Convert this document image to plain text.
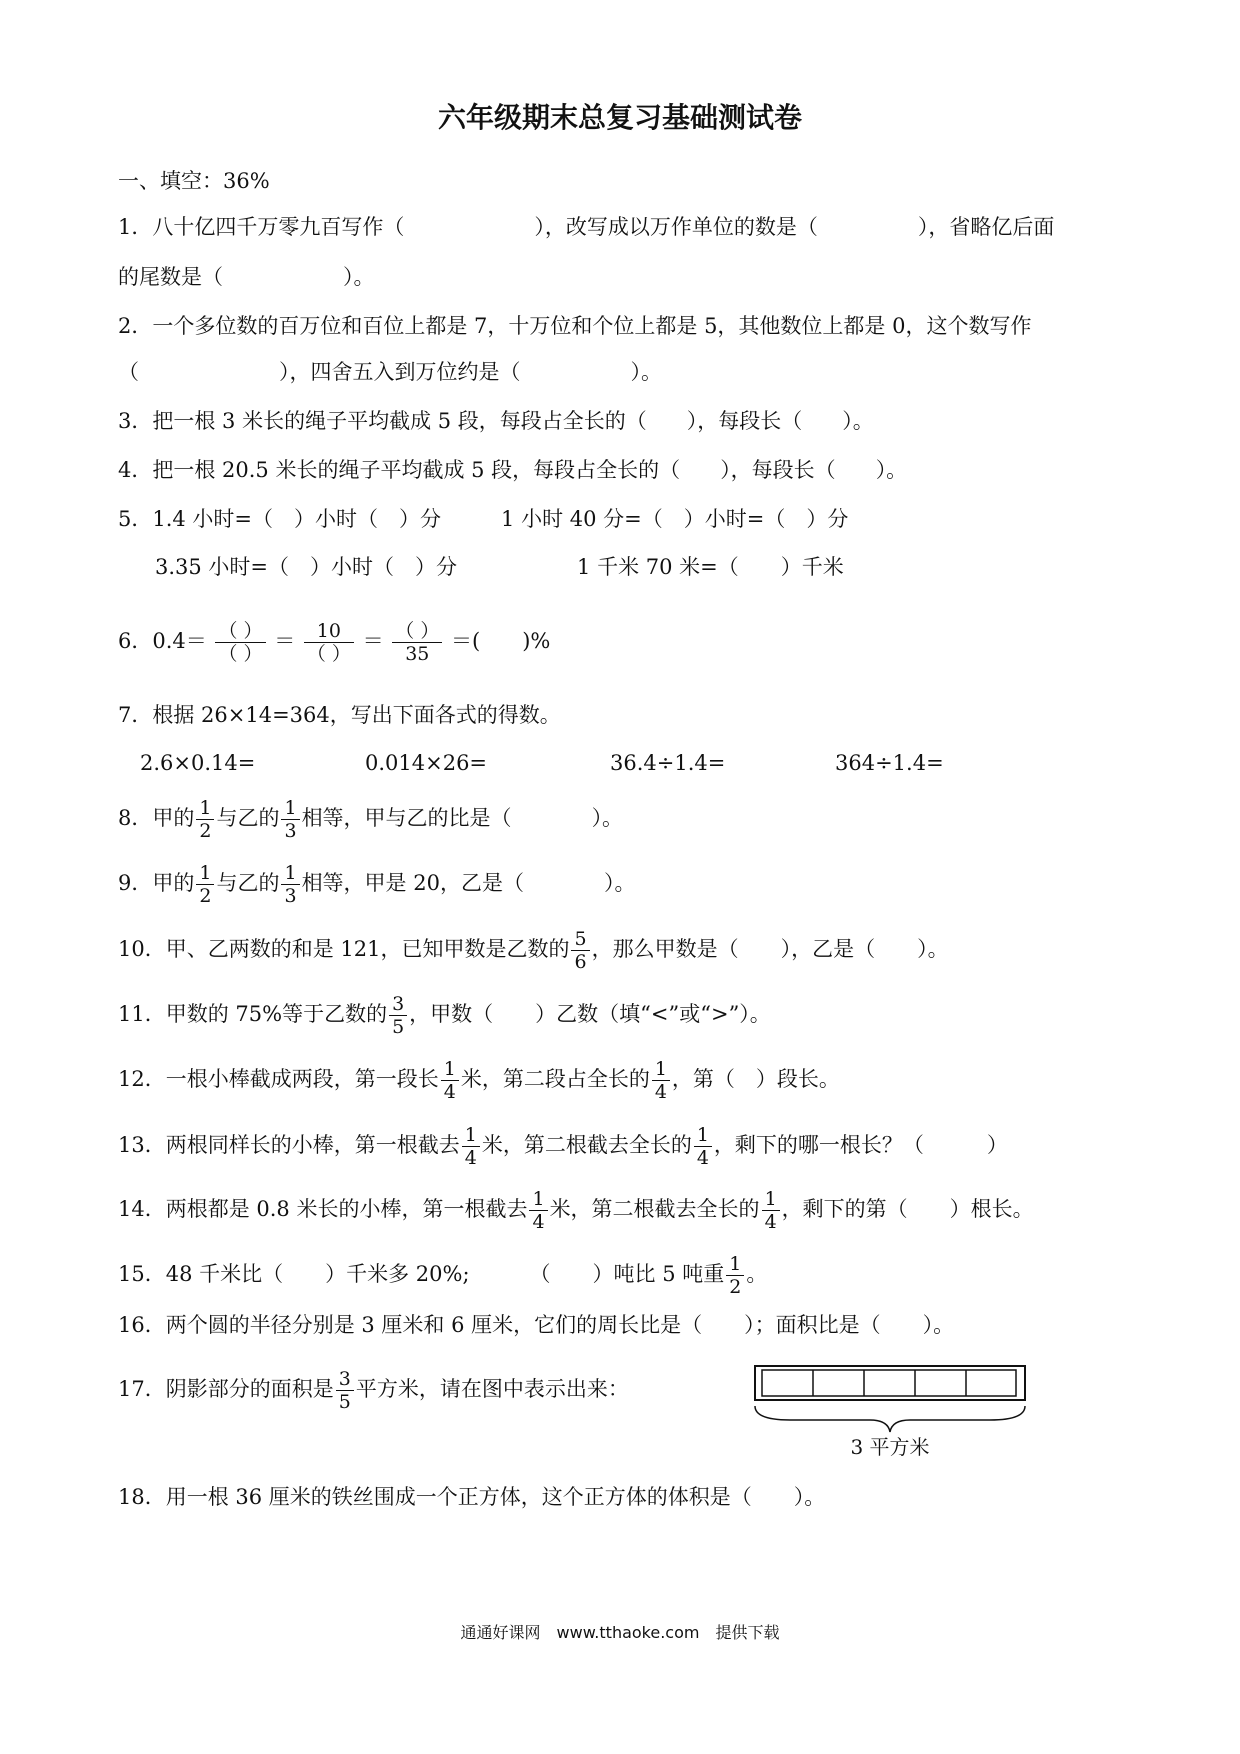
六年级期末总复习基础测试卷
一、填空：36%
1．八十亿四千万零九百写作（	），改写成以万作单位的数是（	），省略亿后面
的尾数是（	）。
2．一个多位数的百万位和百位上都是 7，十万位和个位上都是 5，其他数位上都是 0，这个数写作
（	），四舍五入到万位约是（	）。
3．把一根 3 米长的绳子平均截成 5 段，每段占全长的（ ），每段长（ ）。
4．把一根 20.5 米长的绳子平均截成 5 段，每段占全长的（ ），每段长（ ）。
5．1.4 小时=（　）小时（　）分	1 小时 40 分=（　）小时=（　）分
3.35 小时=（　）小时（　）分	1 千米 70 米=（　　）千米
6．$0.4= \frac{( )}{( )} = \frac{10}{( )} = \frac{( )}{35}$ ＝(　　)%
7．根据 26×14=364，写出下面各式的得数。
2.6×0.14=	0.014×26=	36.4÷1.4=	364÷1.4=
8．甲的 $\frac{1}{2}$ 与乙的 $\frac{1}{3}$ 相等，甲与乙的比是（	）。
9．甲的 $\frac{1}{2}$ 与乙的 $\frac{1}{3}$ 相等，甲是 20，乙是（	）。
10．甲、乙两数的和是 121，已知甲数是乙数的 $\frac{5}{6}$ ，那么甲数是（　　），乙是（　　）。
11．甲数的 75%等于乙数的 $\frac{3}{5}$ ，甲数（　　）乙数（填“<”或“>”）。
12．一根小棒截成两段，第一段长 $\frac{1}{4}$ 米，第二段占全长的 $\frac{1}{4}$ ，第（　）段长。
13．两根同样长的小棒，第一根截去 $\frac{1}{4}$ 米，第二根截去全长的 $\frac{1}{4}$ ，剩下的哪一根长？（　　　）
14．两根都是 0.8 米长的小棒，第一根截去 $\frac{1}{4}$ 米，第二根截去全长的 $\frac{1}{4}$ ，剩下的第（　　）根长。
15．48 千米比（　　）千米多 20%;	（　　）吨比 5 吨重 $\frac{1}{2}$ 。
16．两个圆的半径分别是 3 厘米和 6 厘米，它们的周长比是（　　）；面积比是（　　）。
17．阴影部分的面积是 $\frac{3}{5}$ 平方米，请在图中表示出来：
3 平方米
18．用一根 36 厘米的铁丝围成一个正方体，这个正方体的体积是（　　）。
通通好课网　www.tthaoke.com　提供下载
